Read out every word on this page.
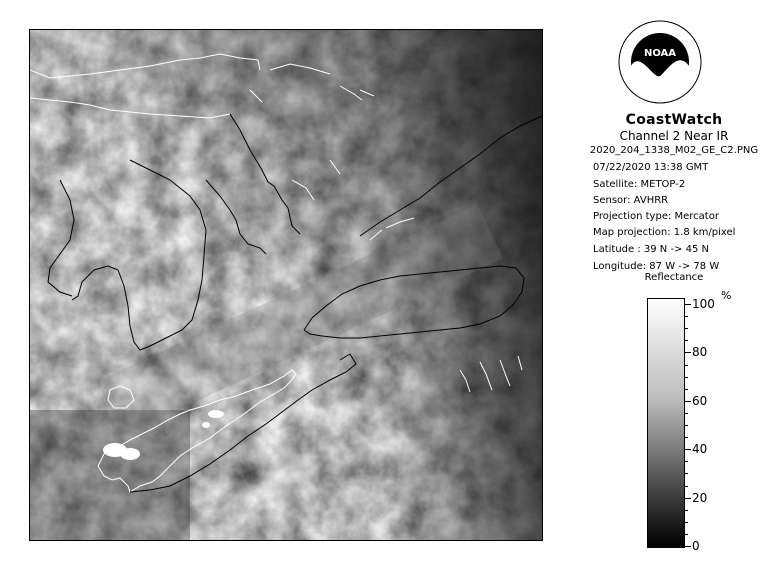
NOAA
CoastWatch
Channel 2 Near IR
2020_204_1338_M02_GE_C2.PNG
07/22/2020 13:38 GMT
Satellite: METOP-2
Sensor: AVHRR
Projection type: Mercator
Map projection: 1.8 km/pixel
Latitude : 39 N -> 45 N
Longitude: 87 W -> 78 W
Reflectance
%
100
80
60
40
20
0
